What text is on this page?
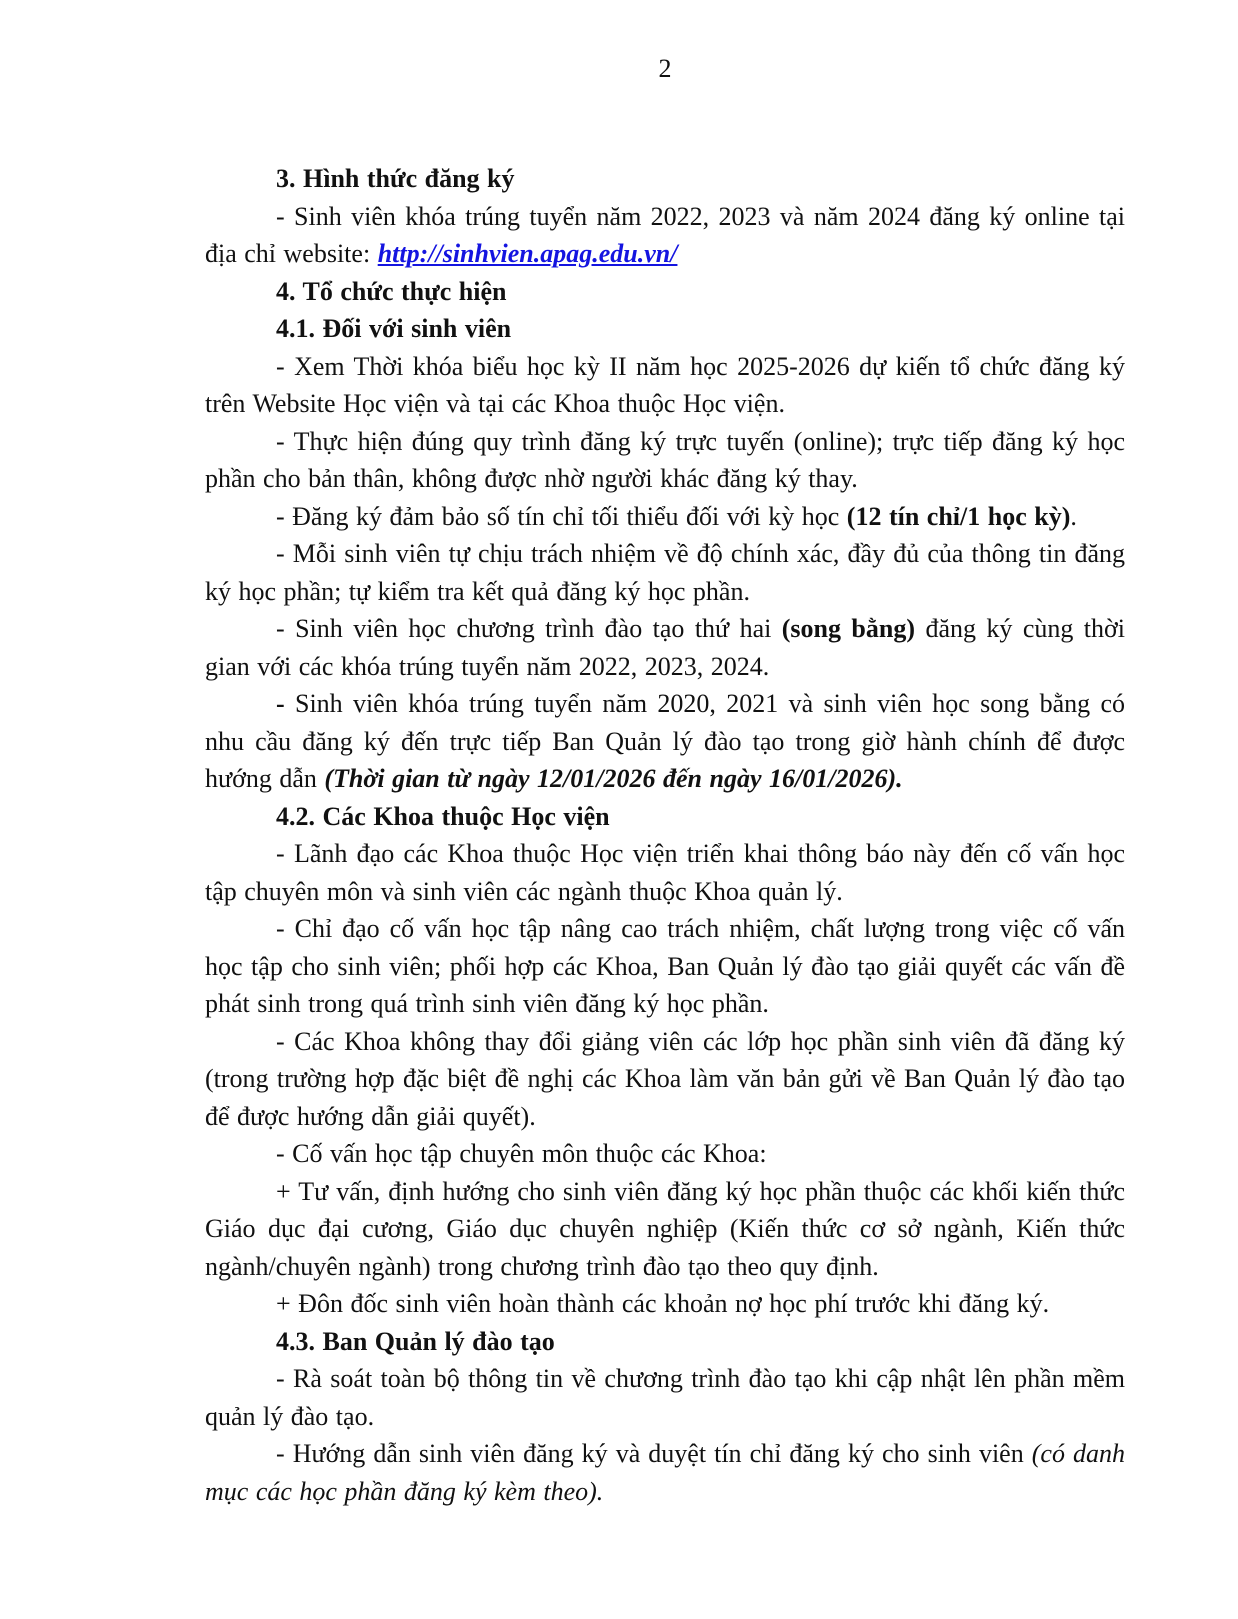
2

3. Hình thức đăng ký

- Sinh viên khóa trúng tuyển năm 2022, 2023 và năm 2024 đăng ký online tại địa chỉ website: http://sinhvien.apag.edu.vn/

4. Tổ chức thực hiện

4.1. Đối với sinh viên

- Xem Thời khóa biểu học kỳ II năm học 2025-2026 dự kiến tổ chức đăng ký trên Website Học viện và tại các Khoa thuộc Học viện.

- Thực hiện đúng quy trình đăng ký trực tuyến (online); trực tiếp đăng ký học phần cho bản thân, không được nhờ người khác đăng ký thay.

- Đăng ký đảm bảo số tín chỉ tối thiểu đối với kỳ học (12 tín chỉ/1 học kỳ).

- Mỗi sinh viên tự chịu trách nhiệm về độ chính xác, đầy đủ của thông tin đăng ký học phần; tự kiểm tra kết quả đăng ký học phần.

- Sinh viên học chương trình đào tạo thứ hai (song bằng) đăng ký cùng thời gian với các khóa trúng tuyển năm 2022, 2023, 2024.

- Sinh viên khóa trúng tuyển năm 2020, 2021 và sinh viên học song bằng có nhu cầu đăng ký đến trực tiếp Ban Quản lý đào tạo trong giờ hành chính để được hướng dẫn (Thời gian từ ngày 12/01/2026 đến ngày 16/01/2026).

4.2. Các Khoa thuộc Học viện

- Lãnh đạo các Khoa thuộc Học viện triển khai thông báo này đến cố vấn học tập chuyên môn và sinh viên các ngành thuộc Khoa quản lý.

- Chỉ đạo cố vấn học tập nâng cao trách nhiệm, chất lượng trong việc cố vấn học tập cho sinh viên; phối hợp các Khoa, Ban Quản lý đào tạo giải quyết các vấn đề phát sinh trong quá trình sinh viên đăng ký học phần.

- Các Khoa không thay đổi giảng viên các lớp học phần sinh viên đã đăng ký (trong trường hợp đặc biệt đề nghị các Khoa làm văn bản gửi về Ban Quản lý đào tạo để được hướng dẫn giải quyết).

- Cố vấn học tập chuyên môn thuộc các Khoa:

+ Tư vấn, định hướng cho sinh viên đăng ký học phần thuộc các khối kiến thức Giáo dục đại cương, Giáo dục chuyên nghiệp (Kiến thức cơ sở ngành, Kiến thức ngành/chuyên ngành) trong chương trình đào tạo theo quy định.

+ Đôn đốc sinh viên hoàn thành các khoản nợ học phí trước khi đăng ký.

4.3. Ban Quản lý đào tạo

- Rà soát toàn bộ thông tin về chương trình đào tạo khi cập nhật lên phần mềm quản lý đào tạo.

- Hướng dẫn sinh viên đăng ký và duyệt tín chỉ đăng ký cho sinh viên (có danh mục các học phần đăng ký kèm theo).
